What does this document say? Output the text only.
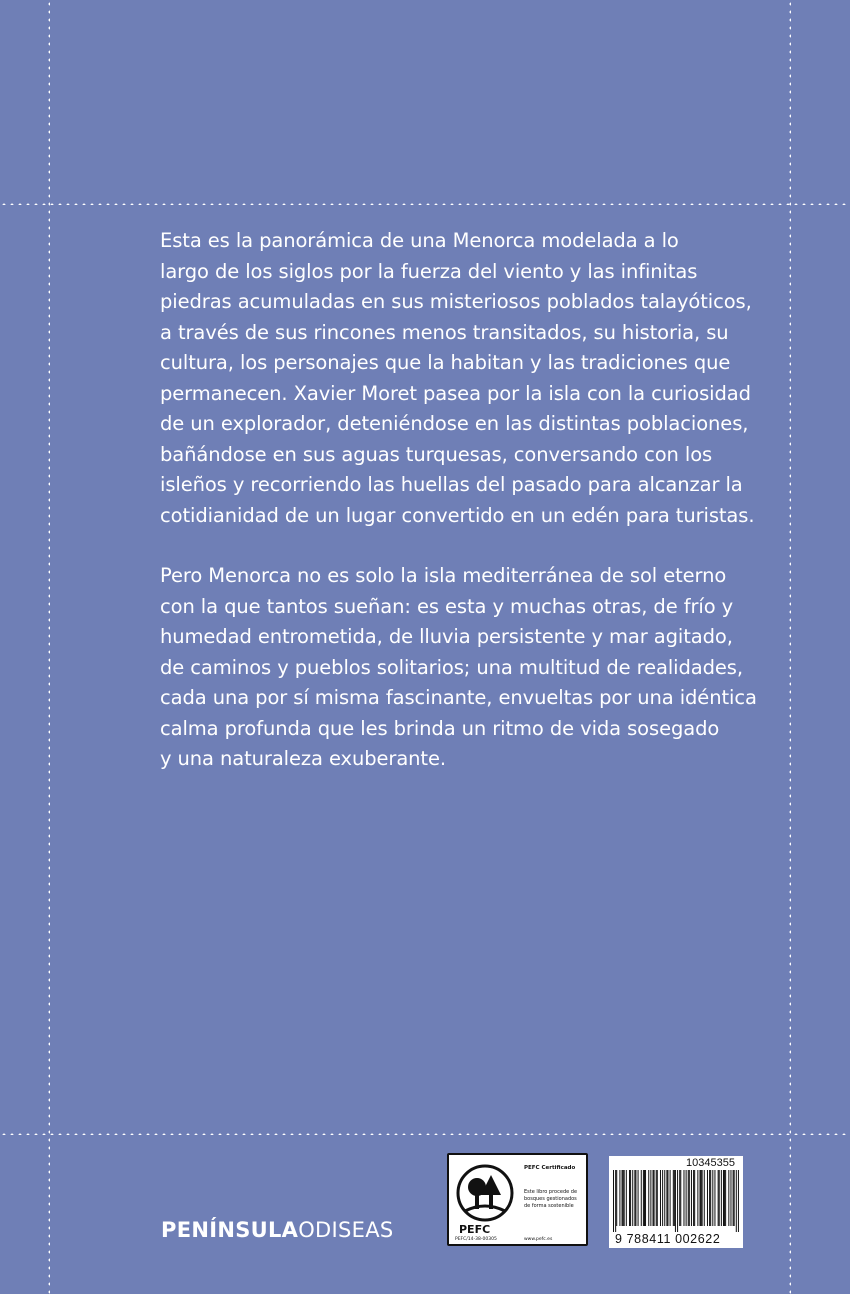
Esta es la panorámica de una Menorca modelada a lo
largo de los siglos por la fuerza del viento y las infinitas
piedras acumuladas en sus misteriosos poblados talayóticos,
a través de sus rincones menos transitados, su historia, su
cultura, los personajes que la habitan y las tradiciones que
permanecen. Xavier Moret pasea por la isla con la curiosidad
de un explorador, deteniéndose en las distintas poblaciones,
bañándose en sus aguas turquesas, conversando con los
isleños y recorriendo las huellas del pasado para alcanzar la
cotidianidad de un lugar convertido en un edén para turistas.

Pero Menorca no es solo la isla mediterránea de sol eterno
con la que tantos sueñan: es esta y muchas otras, de frío y
humedad entrometida, de lluvia persistente y mar agitado,
de caminos y pueblos solitarios; una multitud de realidades,
cada una por sí misma fascinante, envueltas por una idéntica
calma profunda que les brinda un ritmo de vida sosegado
y una naturaleza exuberante.

PENÍNSULAODISEAS	PEFC
PEFC Certificado
Este libro procede de
bosques gestionados
de forma sostenible
PEFC/14-38-00305	www.pefc.es
10345355
9 788411 002622
